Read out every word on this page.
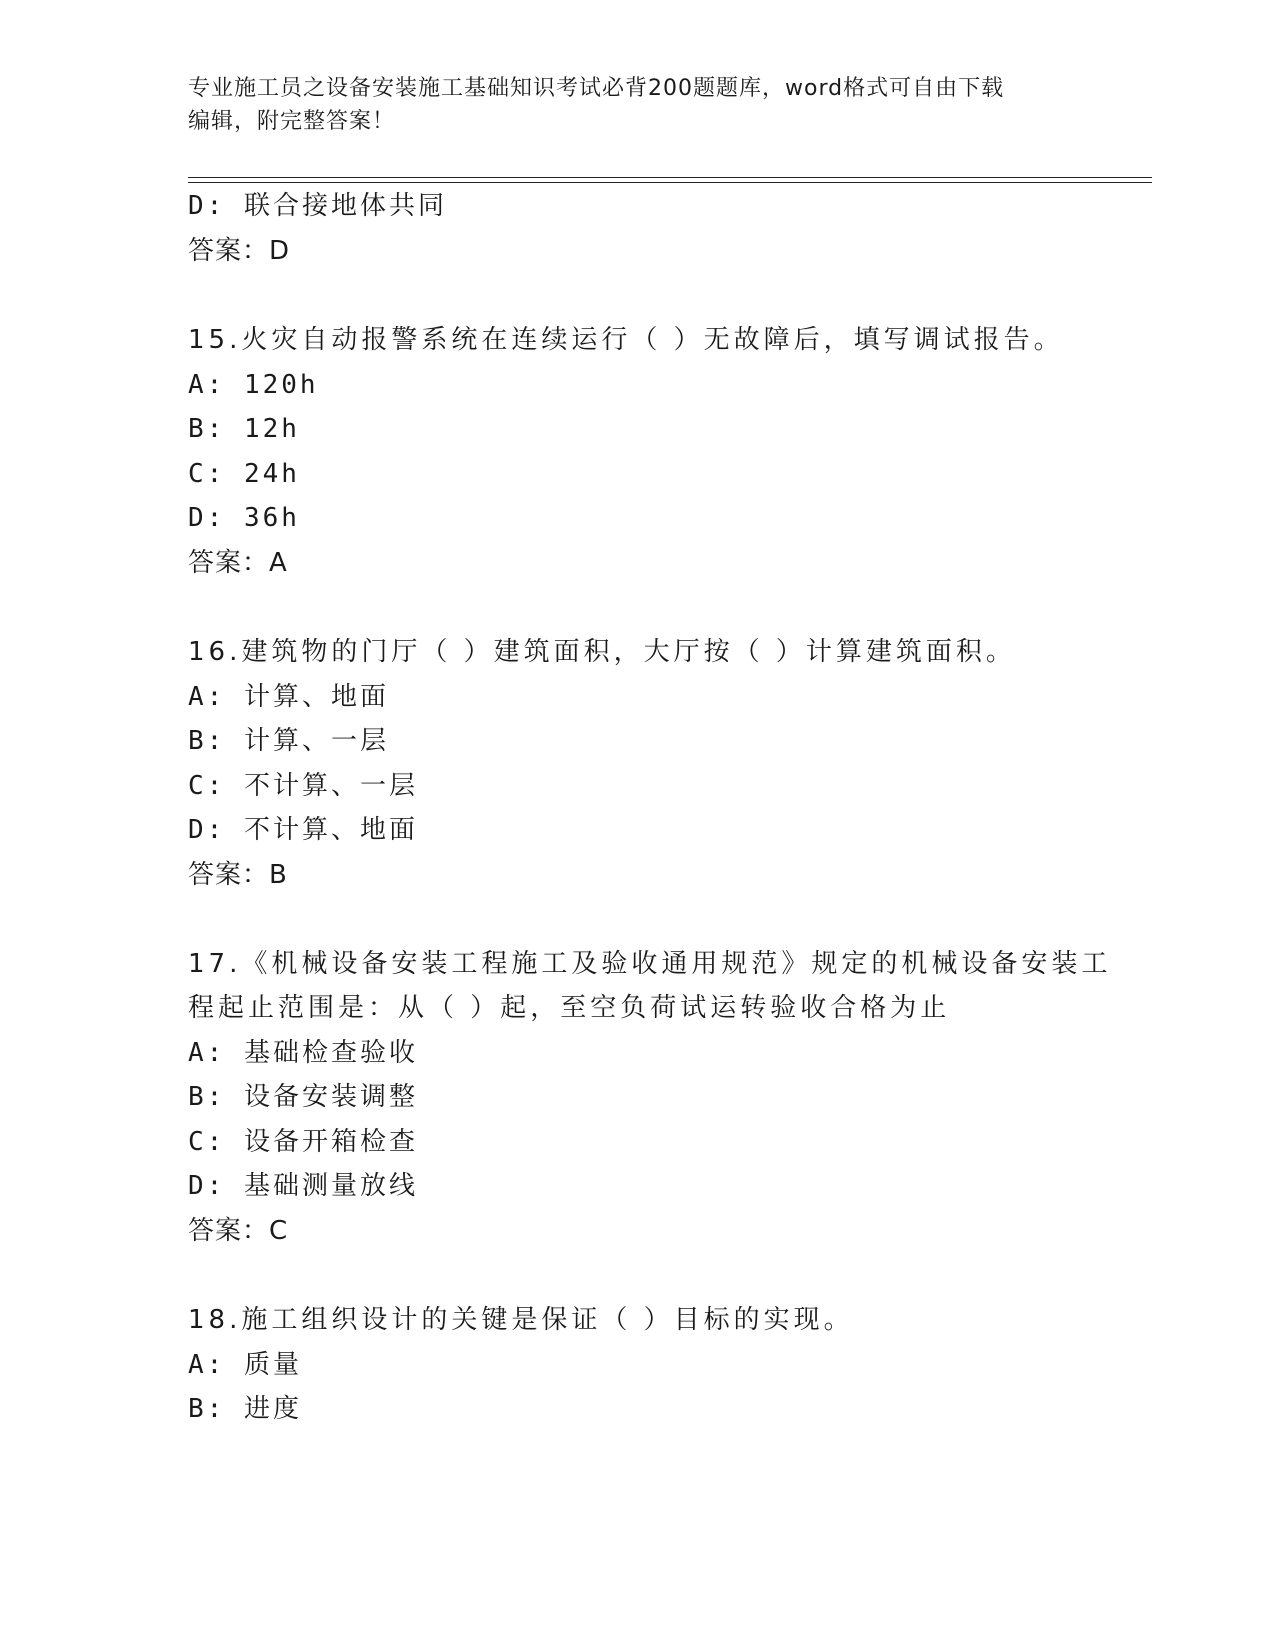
专业施工员之设备安装施工基础知识考试必背200题题库，word格式可自由下载
编辑，附完整答案！
D: 联合接地体共同
答案：D
15.火灾自动报警系统在连续运行（ ）无故障后，填写调试报告。
A: 120h
B: 12h
C: 24h
D: 36h
答案：A
16.建筑物的门厅（ ）建筑面积，大厅按（ ）计算建筑面积。
A: 计算、地面
B: 计算、一层
C: 不计算、一层
D: 不计算、地面
答案：B
17.《机械设备安装工程施工及验收通用规范》规定的机械设备安装工
程起止范围是：从（ ）起，至空负荷试运转验收合格为止
A: 基础检查验收
B: 设备安装调整
C: 设备开箱检查
D: 基础测量放线
答案：C
18.施工组织设计的关键是保证（ ）目标的实现。
A: 质量
B: 进度
